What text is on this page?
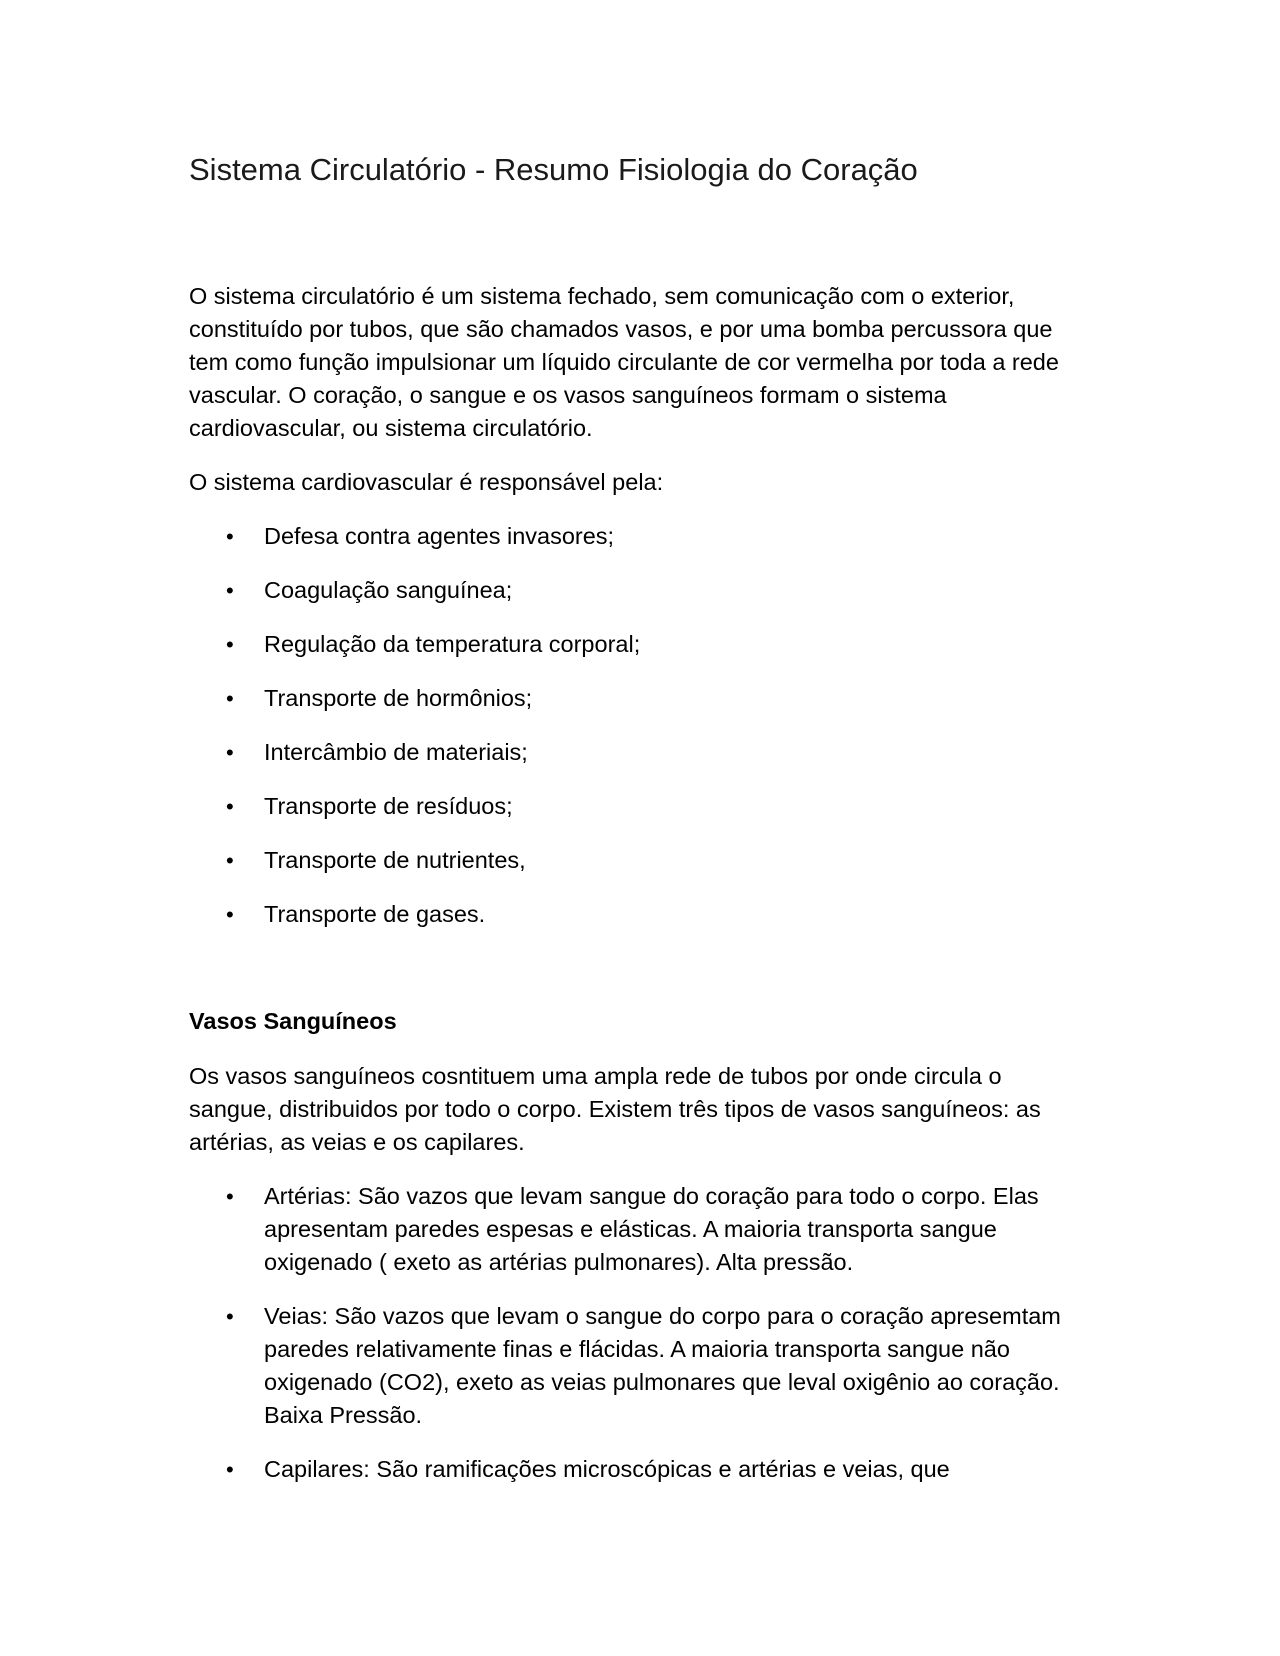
Sistema Circulatório - Resumo Fisiologia do Coração

O sistema circulatório é um sistema fechado, sem comunicação com o exterior, constituído por tubos, que são chamados vasos, e por uma bomba percussora que tem como função impulsionar um líquido circulante de cor vermelha por toda a rede vascular. O coração, o sangue e os vasos sanguíneos formam o sistema cardiovascular, ou sistema circulatório.

O sistema cardiovascular é responsável pela:

• Defesa contra agentes invasores;
• Coagulação sanguínea;
• Regulação da temperatura corporal;
• Transporte de hormônios;
• Intercâmbio de materiais;
• Transporte de resíduos;
• Transporte de nutrientes,
• Transporte de gases.
Vasos Sanguíneos

Os vasos sanguíneos cosntituem uma ampla rede de tubos por onde circula o sangue, distribuidos por todo o corpo. Existem três tipos de vasos sanguíneos: as artérias, as veias e os capilares.

• Artérias: São vazos que levam sangue do coração para todo o corpo. Elas apresentam paredes espesas e elásticas. A maioria transporta sangue oxigenado ( exeto as artérias pulmonares). Alta pressão.
• Veias: São vazos que levam o sangue do corpo para o coração apresemtam paredes relativamente finas e flácidas. A maioria transporta sangue não oxigenado (CO2), exeto as veias pulmonares que leval oxigênio ao coração. Baixa Pressão.
• Capilares: São ramificações microscópicas e artérias e veias, que
